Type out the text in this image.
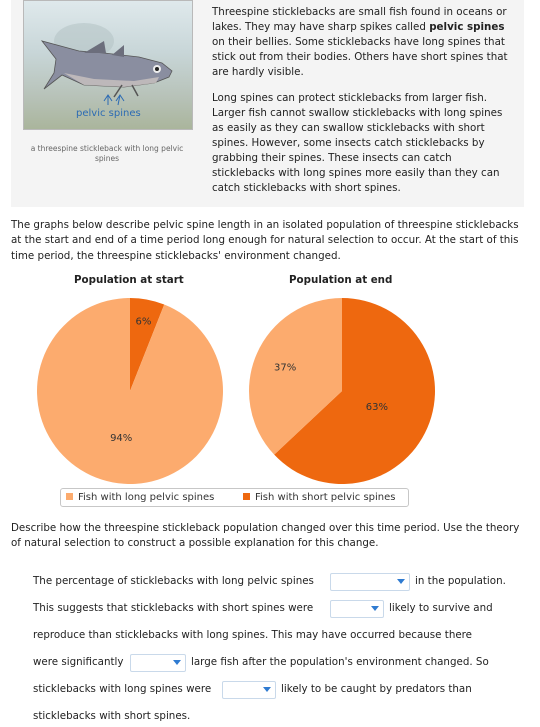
pelvic spines
a threespine stickleback with long pelvic spines

Threespine sticklebacks are small fish found in oceans or lakes. They may have sharp spikes called pelvic spines on their bellies. Some sticklebacks have long spines that stick out from their bodies. Others have short spines that are hardly visible.

Long spines can protect sticklebacks from larger fish. Larger fish cannot swallow sticklebacks with long spines as easily as they can swallow sticklebacks with short spines. However, some insects catch sticklebacks by grabbing their spines. These insects can catch sticklebacks with long spines more easily than they can catch sticklebacks with short spines.

The graphs below describe pelvic spine length in an isolated population of threespine sticklebacks at the start and end of a time period long enough for natural selection to occur. At the start of this time period, the threespine sticklebacks' environment changed.
Population at start	Population at end
6%
94%
63%
37%
Fish with long pelvic spines	Fish with short pelvic spines
Describe how the threespine stickleback population changed over this time period. Use the theory of natural selection to construct a possible explanation for this change.
The percentage of sticklebacks with long pelvic spines	in the population.
This suggests that sticklebacks with short spines were	likely to survive and
reproduce than sticklebacks with long spines. This may have occurred because there
were significantly	large fish after the population's environment changed. So
sticklebacks with long spines were	likely to be caught by predators than
sticklebacks with short spines.
